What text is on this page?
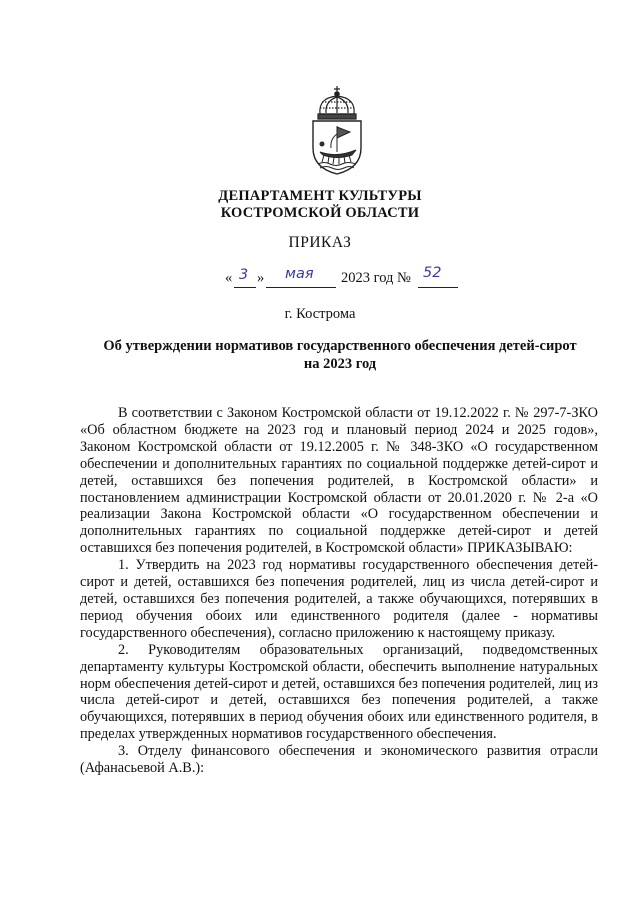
ДЕПАРТАМЕНТ КУЛЬТУРЫ
КОСТРОМСКОЙ ОБЛАСТИ
ПРИКАЗ
« 3 » мая 2023 год № 52
г. Кострома
Об утверждении нормативов государственного обеспечения детей-сирот
на 2023 год

В соответствии с Законом Костромской области от 19.12.2022 г. № 297-7-ЗКО «Об областном бюджете на 2023 год и плановый период 2024 и 2025 годов», Законом Костромской области от 19.12.2005 г. № 348-ЗКО «О государственном обеспечении и дополнительных гарантиях по социальной поддержке детей-сирот и детей, оставшихся без попечения родителей, в Костромской области» и постановлением администрации Костромской области от 20.01.2020 г. № 2-а «О реализации Закона Костромской области «О государственном обеспечении и дополнительных гарантиях по социальной поддержке детей-сирот и детей оставшихся без попечения родителей, в Костромской области» ПРИКАЗЫВАЮ:

1. Утвердить на 2023 год нормативы государственного обеспечения детей-сирот и детей, оставшихся без попечения родителей, лиц из числа детей-сирот и детей, оставшихся без попечения родителей, а также обучающихся, потерявших в период обучения обоих или единственного родителя (далее - нормативы государственного обеспечения), согласно приложению к настоящему приказу.

2. Руководителям образовательных организаций, подведомственных департаменту культуры Костромской области, обеспечить выполнение натуральных норм обеспечения детей-сирот и детей, оставшихся без попечения родителей, лиц из числа детей-сирот и детей, оставшихся без попечения родителей, а также обучающихся, потерявших в период обучения обоих или единственного родителя, в пределах утвержденных нормативов государственного обеспечения.

3. Отделу финансового обеспечения и экономического развития отрасли (Афанасьевой А.В.):
